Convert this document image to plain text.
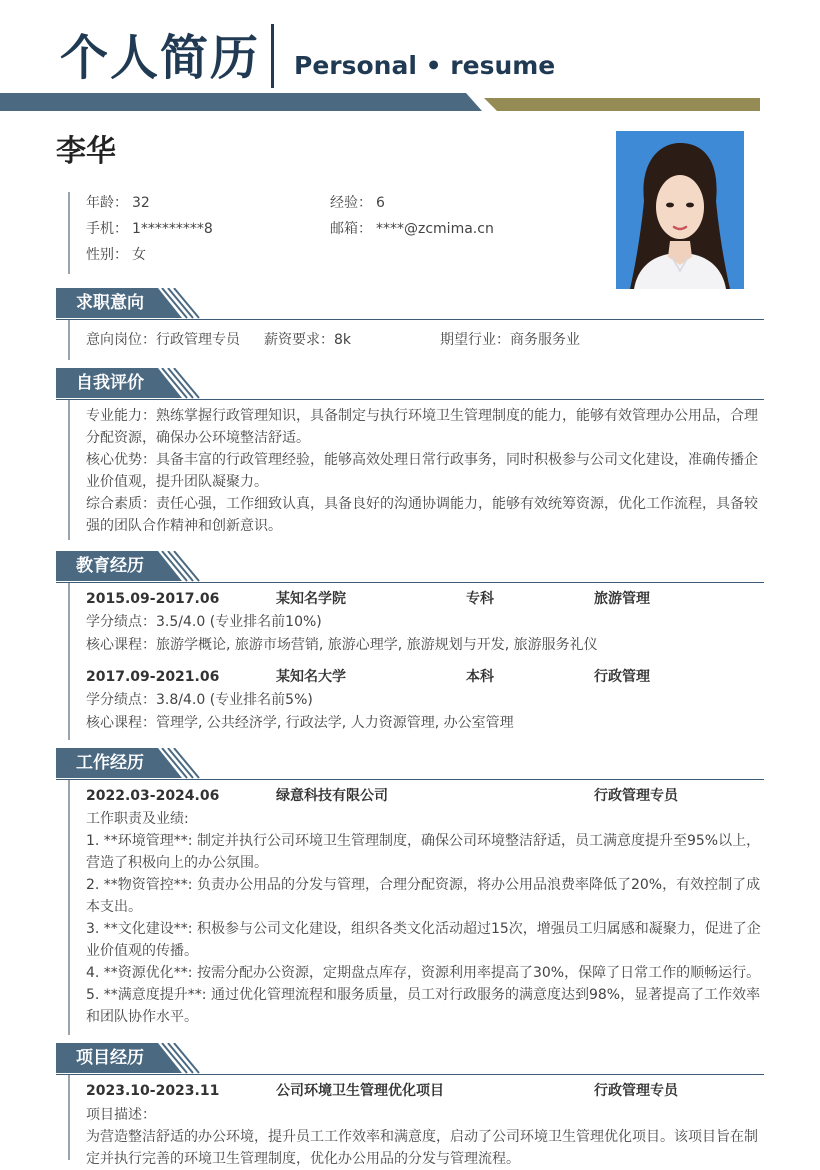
个人简历 Personal • resume
李华
年龄： 32	经验： 6
手机： 1*********8	邮箱： ****@zcmima.cn
性别： 女
求职意向
意向岗位：行政管理专员 薪资要求：8k	期望行业：商务服务业
自我评价
专业能力：熟练掌握行政管理知识，具备制定与执行环境卫生管理制度的能力，能够有效管理办公用品，合理
分配资源，确保办公环境整洁舒适。
核心优势：具备丰富的行政管理经验，能够高效处理日常行政事务，同时积极参与公司文化建设，准确传播企
业价值观，提升团队凝聚力。
综合素质：责任心强，工作细致认真，具备良好的沟通协调能力，能够有效统筹资源，优化工作流程，具备较
强的团队合作精神和创新意识。
教育经历
2015.09-2017.06	某知名学院	专科	旅游管理
学分绩点：3.5/4.0 (专业排名前10%)
核心课程：旅游学概论, 旅游市场营销, 旅游心理学, 旅游规划与开发, 旅游服务礼仪
2017.09-2021.06	某知名大学	本科	行政管理
学分绩点：3.8/4.0 (专业排名前5%)
核心课程：管理学, 公共经济学, 行政法学, 人力资源管理, 办公室管理
工作经历
2022.03-2024.06	绿意科技有限公司	行政管理专员
工作职责及业绩:
1. **环境管理**: 制定并执行公司环境卫生管理制度，确保公司环境整洁舒适，员工满意度提升至95%以上，
营造了积极向上的办公氛围。
2. **物资管控**: 负责办公用品的分发与管理，合理分配资源，将办公用品浪费率降低了20%，有效控制了成
本支出。
3. **文化建设**: 积极参与公司文化建设，组织各类文化活动超过15次，增强员工归属感和凝聚力，促进了企
业价值观的传播。
4. **资源优化**: 按需分配办公资源，定期盘点库存，资源利用率提高了30%，保障了日常工作的顺畅运行。
5. **满意度提升**: 通过优化管理流程和服务质量，员工对行政服务的满意度达到98%，显著提高了工作效率
和团队协作水平。
项目经历
2023.10-2023.11	公司环境卫生管理优化项目	行政管理专员
项目描述：
为营造整洁舒适的办公环境，提升员工工作效率和满意度，启动了公司环境卫生管理优化项目。该项目旨在制
定并执行完善的环境卫生管理制度，优化办公用品的分发与管理流程。
